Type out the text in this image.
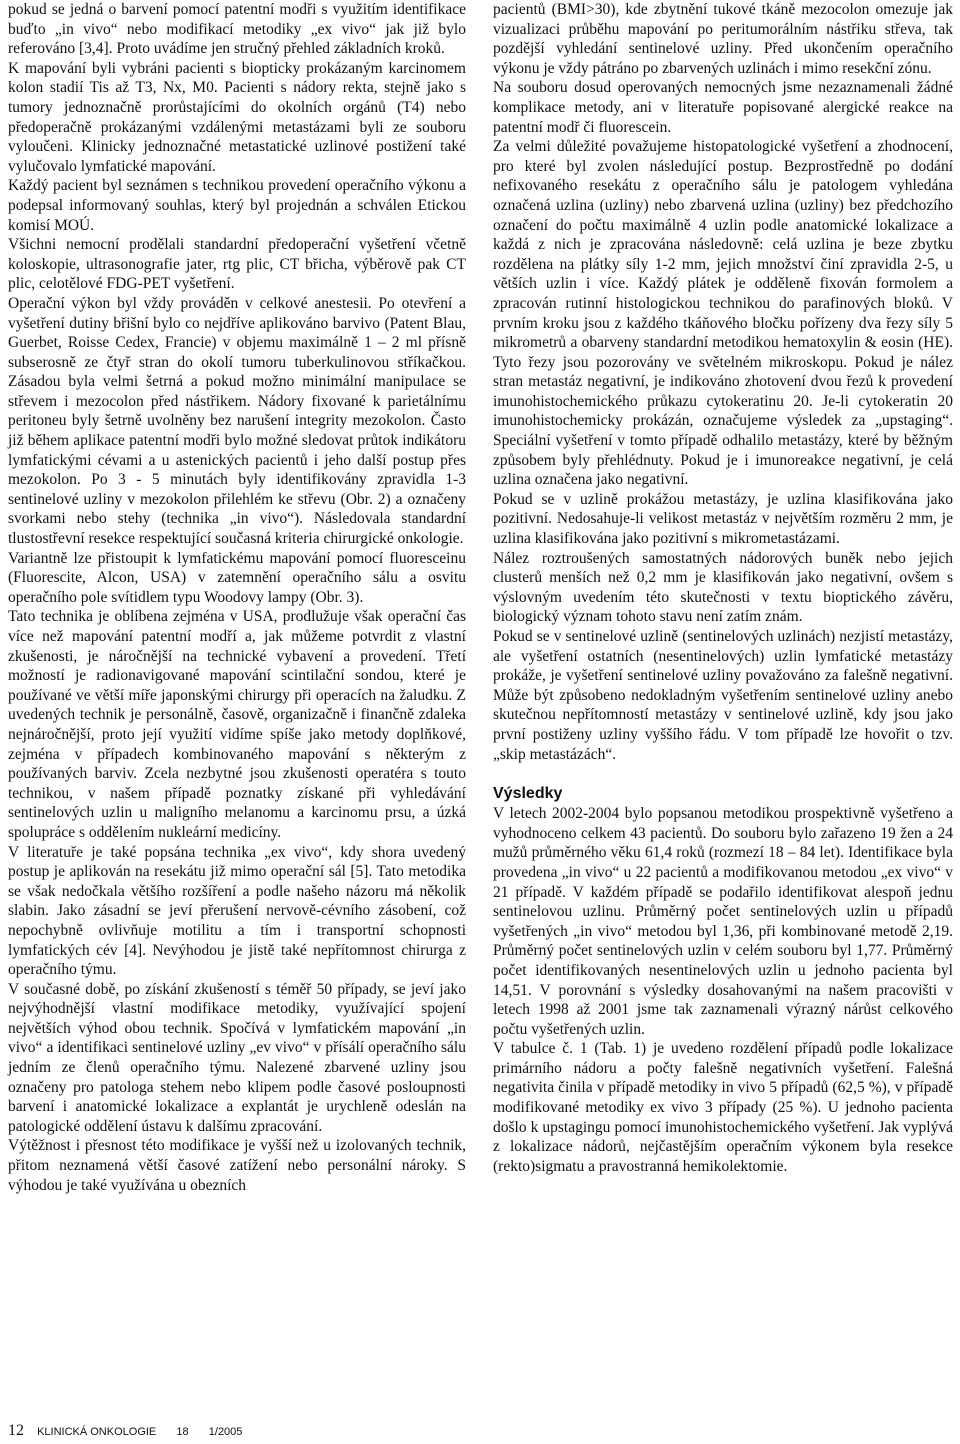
pokud se jedná o barvení pomocí patentní modři s využitím identifikace buďto „in vivo“ nebo modifikací metodiky „ex vivo“ jak již bylo referováno [3,4]. Proto uvádíme jen stručný přehled základních kroků.

K mapování byli vybráni pacienti s biopticky prokázaným karcinomem kolon stadií Tis až T3, Nx, M0. Pacienti s nádory rekta, stejně jako s tumory jednoznačně prorůstajícími do okolních orgánů (T4) nebo předoperačně prokázanými vzdálenými metastázami byli ze souboru vyloučeni. Klinicky jednoznačné metastatické uzlinové postižení také vylučovalo lymfatické mapování.

Každý pacient byl seznámen s technikou provedení operačního výkonu a podepsal informovaný souhlas, který byl projednán a schválen Etickou komisí MOÚ.

Všichni nemocní prodělali standardní předoperační vyšetření včetně koloskopie, ultrasonografie jater, rtg plic, CT břicha, výběrově pak CT plic, celotělové FDG-PET vyšetření.

Operační výkon byl vždy prováděn v celkové anestesii. Po otevření a vyšetření dutiny břišní bylo co nejdříve aplikováno barvivo (Patent Blau, Guerbet, Roisse Cedex, Francie) v objemu maximálně 1 – 2 ml přísně subserosně ze čtyř stran do okolí tumoru tuberkulinovou stříkačkou. Zásadou byla velmi šetrná a pokud možno minimální manipulace se střevem i mezocolon před nástřikem. Nádory fixované k parietálnímu peritoneu byly šetrně uvolněny bez narušení integrity mezokolon. Často již během aplikace patentní modři bylo možné sledovat průtok indikátoru lymfatickými cévami a u astenických pacientů i jeho další postup přes mezokolon. Po 3 - 5 minutách byly identifikovány zpravidla 1-3 sentinelové uzliny v mezokolon přilehlém ke střevu (Obr. 2) a označeny svorkami nebo stehy (technika „in vivo“). Následovala standardní tlustostřevní resekce respektující současná kriteria chirurgické onkologie.

Variantně lze přistoupit k lymfatickému mapování pomocí fluoresceinu (Fluorescite, Alcon, USA) v zatemnění operačního sálu a osvitu operačního pole svítidlem typu Woodovy lampy (Obr. 3).

Tato technika je oblíbena zejména v USA, prodlužuje však operační čas více než mapování patentní modří a, jak můžeme potvrdit z vlastní zkušenosti, je náročnější na technické vybavení a provedení. Třetí možností je radionavigované mapování scintilační sondou, které je používané ve větší míře japonskými chirurgy při operacích na žaludku. Z uvedených technik je personálně, časově, organizačně i finančně zdaleka nejnáročnější, proto její využití vidíme spíše jako metody doplňkové, zejména v případech kombinovaného mapování s některým z používaných barviv. Zcela nezbytné jsou zkušenosti operatéra s touto technikou, v našem případě poznatky získané při vyhledávání sentinelových uzlin u maligního melanomu a karcinomu prsu, a úzká spolupráce s oddělením nukleární medicíny.

V literatuře je také popsána technika „ex vivo“, kdy shora uvedený postup je aplikován na resekátu již mimo operační sál [5]. Tato metodika se však nedočkala většího rozšíření a podle našeho názoru má několik slabin. Jako zásadní se jeví přerušení nervově-cévního zásobení, což nepochybně ovlivňuje motilitu a tím i transportní schopnosti lymfatických cév [4]. Nevýhodou je jistě také nepřítomnost chirurga z operačního týmu.

V současné době, po získání zkušeností s téměř 50 případy, se jeví jako nejvýhodnější vlastní modifikace metodiky, využívající spojení největších výhod obou technik. Spočívá v lymfatickém mapování „in vivo“ a identifikaci sentinelové uzliny „ev vivo“ v přísálí operačního sálu jedním ze členů operačního týmu. Nalezené zbarvené uzliny jsou označeny pro patologa stehem nebo klipem podle časové posloupnosti barvení i anatomické lokalizace a explantát je urychleně odeslán na patologické oddělení ústavu k dalšímu zpracování.

Výtěžnost i přesnost této modifikace je vyšší než u izolovaných technik, přitom neznamená větší časové zatížení nebo personální nároky. S výhodou je také využívána u obezních

pacientů (BMI>30), kde zbytnění tukové tkáně mezocolon omezuje jak vizualizaci průběhu mapování po peritumorálním nástřiku střeva, tak pozdější vyhledání sentinelové uzliny. Před ukončením operačního výkonu je vždy pátráno po zbarvených uzlinách i mimo resekční zónu.

Na souboru dosud operovaných nemocných jsme nezaznamenali žádné komplikace metody, ani v literatuře popisované alergické reakce na patentní modř či fluorescein.

Za velmi důležité považujeme histopatologické vyšetření a zhodnocení, pro které byl zvolen následující postup. Bezprostředně po dodání nefixovaného resekátu z operačního sálu je patologem vyhledána označená uzlina (uzliny) nebo zbarvená uzlina (uzliny) bez předchozího označení do počtu maximálně 4 uzlin podle anatomické lokalizace a každá z nich je zpracována následovně: celá uzlina je beze zbytku rozdělena na plátky síly 1-2 mm, jejich množství činí zpravidla 2-5, u větších uzlin i více. Každý plátek je odděleně fixován formolem a zpracován rutinní histologickou technikou do parafinových bloků. V prvním kroku jsou z každého tkáňového bločku pořízeny dva řezy síly 5 mikrometrů a obarveny standardní metodikou hematoxylin & eosin (HE). Tyto řezy jsou pozorovány ve světelném mikroskopu. Pokud je nález stran metastáz negativní, je indikováno zhotovení dvou řezů k provedení imunohistochemického průkazu cytokeratinu 20. Je-li cytokeratin 20 imunohistochemicky prokázán, označujeme výsledek za „upstaging“. Speciální vyšetření v tomto případě odhalilo metastázy, které by běžným způsobem byly přehlédnuty. Pokud je i imunoreakce negativní, je celá uzlina označena jako negativní.

Pokud se v uzlině prokážou metastázy, je uzlina klasifikována jako pozitivní. Nedosahuje-li velikost metastáz v největším rozměru 2 mm, je uzlina klasifikována jako pozitivní s mikrometastázami.

Nález roztroušených samostatných nádorových buněk nebo jejich clusterů menších než 0,2 mm je klasifikován jako negativní, ovšem s výslovným uvedením této skutečnosti v textu bioptického závěru, biologický význam tohoto stavu není zatím znám.

Pokud se v sentinelové uzlině (sentinelových uzlinách) nezjistí metastázy, ale vyšetření ostatních (nesentinelových) uzlin lymfatické metastázy prokáže, je vyšetření sentinelové uzliny považováno za falešně negativní. Může být způsobeno nedokladným vyšetřením sentinelové uzliny anebo skutečnou nepřítomností metastázy v sentinelové uzlině, kdy jsou jako první postiženy uzliny vyššího řádu. V tom případě lze hovořit o tzv. „skip metastázách“.

Výsledky

V letech 2002-2004 bylo popsanou metodikou prospektivně vyšetřeno a vyhodnoceno celkem 43 pacientů. Do souboru bylo zařazeno 19 žen a 24 mužů průměrného věku 61,4 roků (rozmezí 18 – 84 let). Identifikace byla provedena „in vivo“ u 22 pacientů a modifikovanou metodou „ex vivo“ v 21 případě. V každém případě se podařilo identifikovat alespoň jednu sentinelovou uzlinu. Průměrný počet sentinelových uzlin u případů vyšetřených „in vivo“ metodou byl 1,36, při kombinované metodě 2,19. Průměrný počet sentinelových uzlin v celém souboru byl 1,77. Průměrný počet identifikovaných nesentinelových uzlin u jednoho pacienta byl 14,51. V porovnání s výsledky dosahovanými na našem pracovišti v letech 1998 až 2001 jsme tak zaznamenali výrazný nárůst celkového počtu vyšetřených uzlin.

V tabulce č. 1 (Tab. 1) je uvedeno rozdělení případů podle lokalizace primárního nádoru a počty falešně negativních vyšetření. Falešná negativita činila v případě metodiky in vivo 5 případů (62,5 %), v případě modifikované metodiky ex vivo 3 případy (25 %). U jednoho pacienta došlo k upstagingu pomocí imunohistochemického vyšetření. Jak vyplývá z lokalizace nádorů, nejčastějším operačním výkonem byla resekce (rekto)sigmatu a pravostranná hemikolektomie.

12 KLINICKÁ ONKOLOGIE 18 1/2005
